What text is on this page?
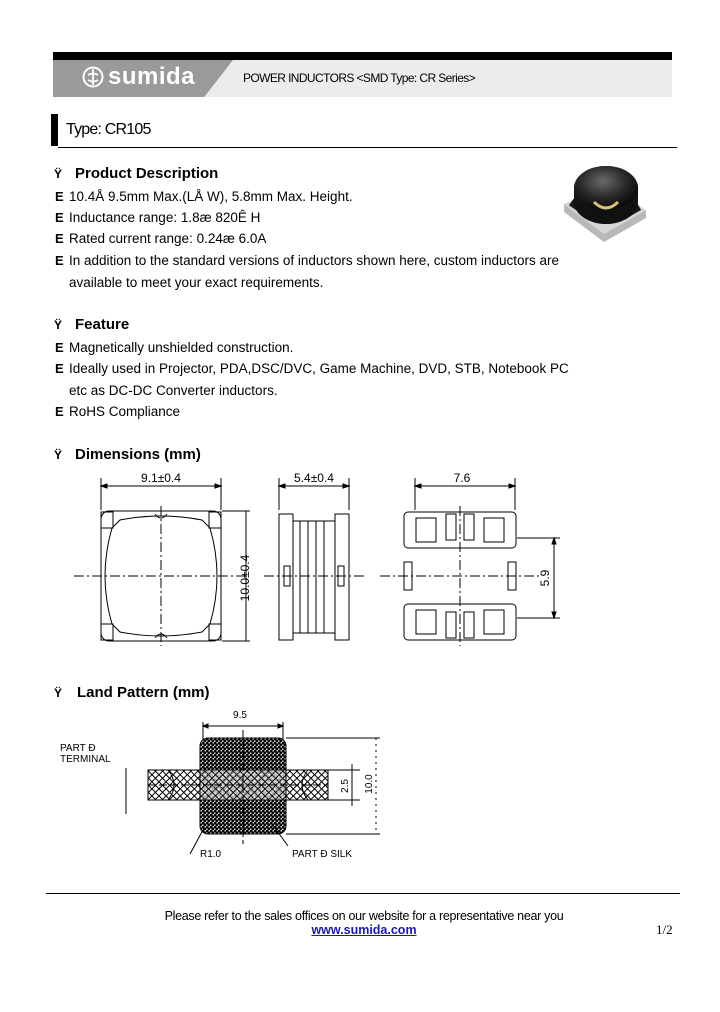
sumida	POWER INDUCTORS <SMD Type: CR Series>
Type: CR105
Ÿ Product Description
E 10.4Å 9.5mm Max.(LÅ W), 5.8mm Max. Height.
E Inductance range: 1.8æ 820Ê H
E Rated current range: 0.24æ 6.0A
E In addition to the standard versions of inductors shown here, custom inductors are
available to meet your exact requirements.
Ÿ Feature
E Magnetically unshielded construction.
E Ideally used in Projector, PDA,DSC/DVC, Game Machine, DVD, STB, Notebook PC
etc as DC-DC Converter inductors.
E RoHS Compliance
Ÿ Dimensions (mm)
9.1±0.4
10.0±0.4
5.4±0.4	7.6
5.9
Ÿ Land Pattern (mm)
9.5
PART Ð
TERMINAL
2.5 10.0
R1.0	PART Ð SILK
Please refer to the sales offices on our website for a representative near you
www.sumida.com	1/2
